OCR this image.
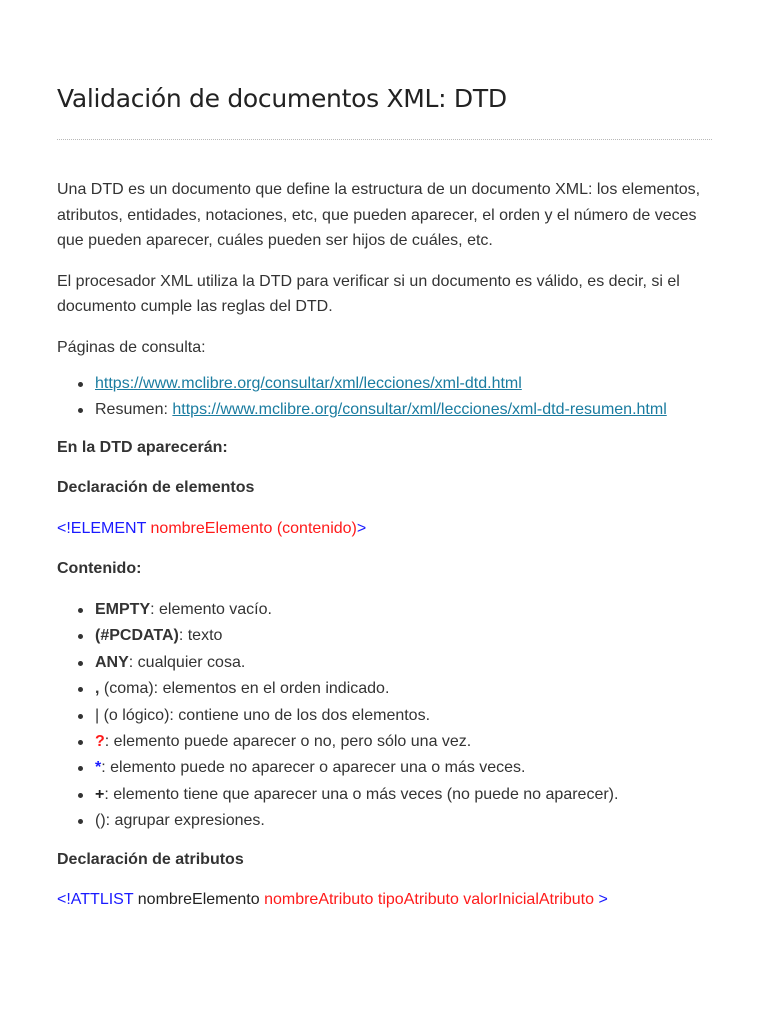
Validación de documentos XML: DTD

Una DTD es un documento que define la estructura de un documento XML: los elementos, atributos, entidades, notaciones, etc, que pueden aparecer, el orden y el número de veces que pueden aparecer, cuáles pueden ser hijos de cuáles, etc.

El procesador XML utiliza la DTD para verificar si un documento es válido, es decir, si el documento cumple las reglas del DTD.

Páginas de consulta:

https://www.mclibre.org/consultar/xml/lecciones/xml-dtd.html
Resumen: https://www.mclibre.org/consultar/xml/lecciones/xml-dtd-resumen.html

En la DTD aparecerán:

Declaración de elementos

<!ELEMENT nombreElemento (contenido)>

Contenido:

EMPTY: elemento vacío.
(#PCDATA): texto
ANY: cualquier cosa.
, (coma): elementos en el orden indicado.
| (o lógico): contiene uno de los dos elementos.
?: elemento puede aparecer o no, pero sólo una vez.
*: elemento puede no aparecer o aparecer una o más veces.
+: elemento tiene que aparecer una o más veces (no puede no aparecer).
(): agrupar expresiones.

Declaración de atributos

<!ATTLIST nombreElemento nombreAtributo tipoAtributo valorInicialAtributo >
